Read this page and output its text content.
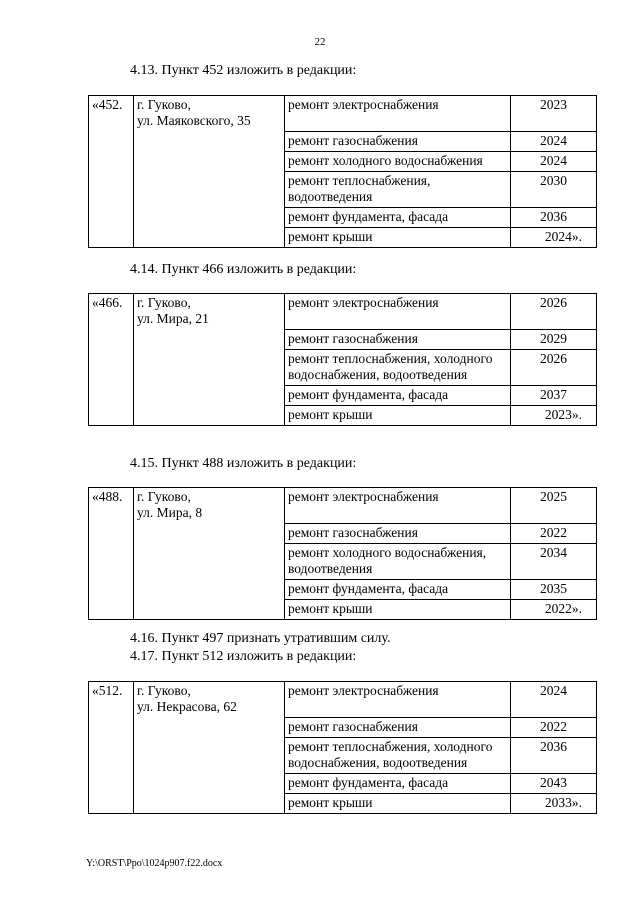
22
4.13. Пункт 452 изложить в редакции:
«452.	г. Гуково,
ул. Маяковского, 35	ремонт электроснабжения	2023
		ремонт газоснабжения	2024
		ремонт холодного водоснабжения	2024
		ремонт теплоснабжения, водоотведения	2030
		ремонт фундамента, фасада	2036
		ремонт крыши	2024».
4.14. Пункт 466 изложить в редакции:
«466.	г. Гуково,
ул. Мира, 21	ремонт электроснабжения	2026
		ремонт газоснабжения	2029
		ремонт теплоснабжения, холодного водоснабжения, водоотведения	2026
		ремонт фундамента, фасада	2037
		ремонт крыши	2023».
4.15. Пункт 488 изложить в редакции:
«488.	г. Гуково,
ул. Мира, 8	ремонт электроснабжения	2025
		ремонт газоснабжения	2022
		ремонт холодного водоснабжения, водоотведения	2034
		ремонт фундамента, фасада	2035
		ремонт крыши	2022».
4.16. Пункт 497 признать утратившим силу.
4.17. Пункт 512 изложить в редакции:
«512.	г. Гуково,
ул. Некрасова, 62	ремонт электроснабжения	2024
		ремонт газоснабжения	2022
		ремонт теплоснабжения, холодного водоснабжения, водоотведения	2036
		ремонт фундамента, фасада	2043
		ремонт крыши	2033».
Y:\ORST\Ppo\1024p907.f22.docx
